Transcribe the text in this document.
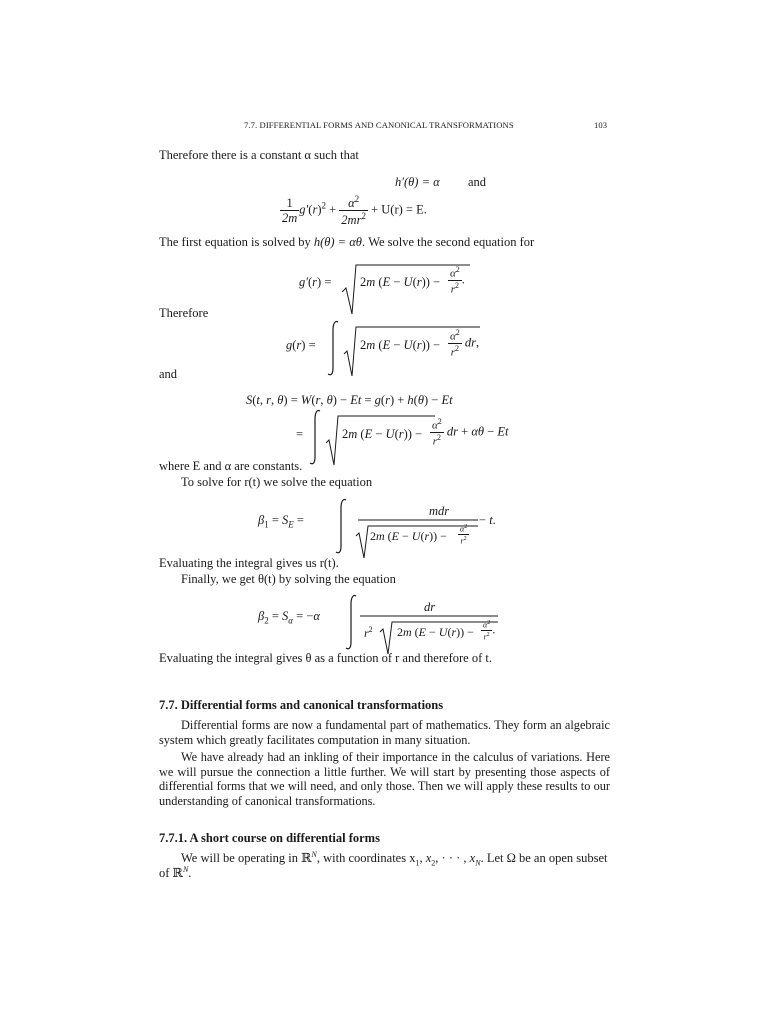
7.7. DIFFERENTIAL FORMS AND CANONICAL TRANSFORMATIONS	103
Therefore there is a constant α such that
h′(θ) = α and
$\frac{1}{2m} g'(r)^2 + \frac{\alpha^2}{2mr^2} + U(r) = E$.
The first equation is solved by h(θ) = αθ. We solve the second equation for
g′(r) = 2m $(E - U(r)) - \frac{\alpha^2}{r^2}$ .
Therefore
g(r) =	2m $(E - U(r)) - \frac{\alpha^2}{r^2}$ dr,
and
S(t, r, θ) = W(r, θ) − Et = g(r) + h(θ) − Et
=	2m $(E - U(r)) - \frac{\alpha^2}{r^2}$ dr + αθ − Et
where E and α are constants.
To solve for r(t) we solve the equation
$\beta_1 = S_E$ =
mdr
2m $(E - U(r)) - \frac{\alpha^2}{r^2}$
− t.
Evaluating the integral gives us r(t).
Finally, we get θ(t) by solving the equation
$\beta_2 = S_\alpha = -\alpha$
dr
$r^2$ 2m $(E - U(r)) - \frac{\alpha^2}{r^2}$ .
Evaluating the integral gives θ as a function of r and therefore of t.
7.7. Differential forms and canonical transformations
Differential forms are now a fundamental part of mathematics. They form an algebraic system which greatly facilitates computation in many situation.
We have already had an inkling of their importance in the calculus of variations. Here we will pursue the connection a little further. We will start by presenting those aspects of differential forms that we will need, and only those. Then we will apply these results to our understanding of canonical transformations.
7.7.1. A short course on differential forms
We will be operating in ℝ$^N$, with coordinates $x_1$, $x_2$, · · · , $x_N$. Let Ω be an open subset
of ℝ$^N$.
